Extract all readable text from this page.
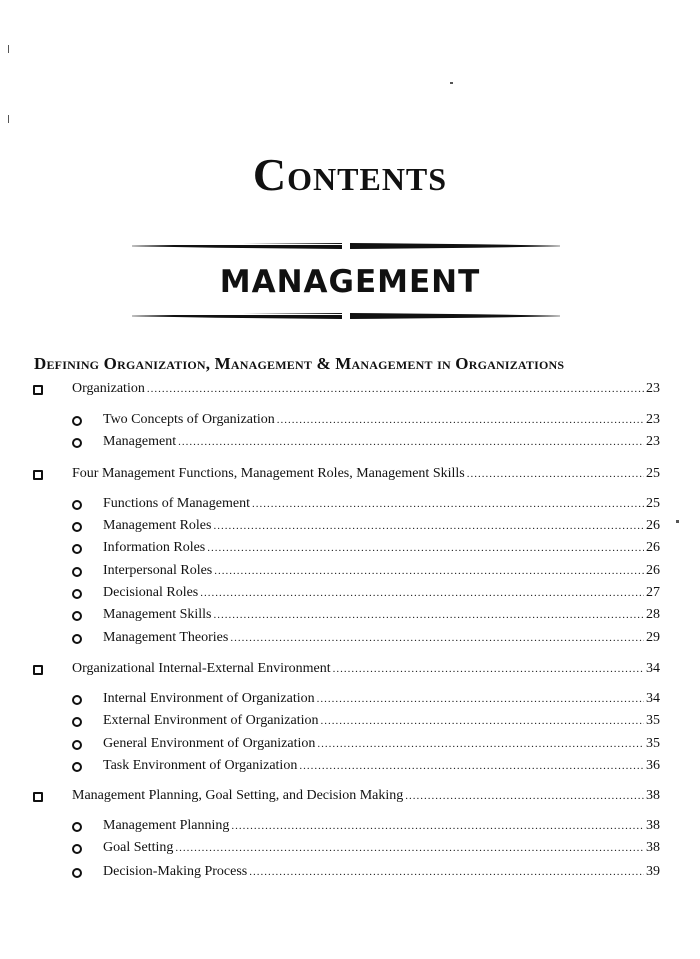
Contents
MANAGEMENT
Defining Organization, Management & Management in Organizations
Organization .....	23
Two Concepts of Organization .....	23
Management .....	23
Four Management Functions, Management Roles, Management Skills .....	25
Functions of Management .....	25
Management Roles .....	26
Information Roles .....	26
Interpersonal Roles .....	26
Decisional Roles .....	27
Management Skills .....	28
Management Theories .....	29
Organizational Internal-External Environment .....	34
Internal Environment of Organization .....	34
External Environment of Organization .....	35
General Environment of Organization .....	35
Task Environment of Organization .....	36
Management Planning, Goal Setting, and Decision Making .....	38
Management Planning .....	38
Goal Setting .....	38
Decision-Making Process .....	39
